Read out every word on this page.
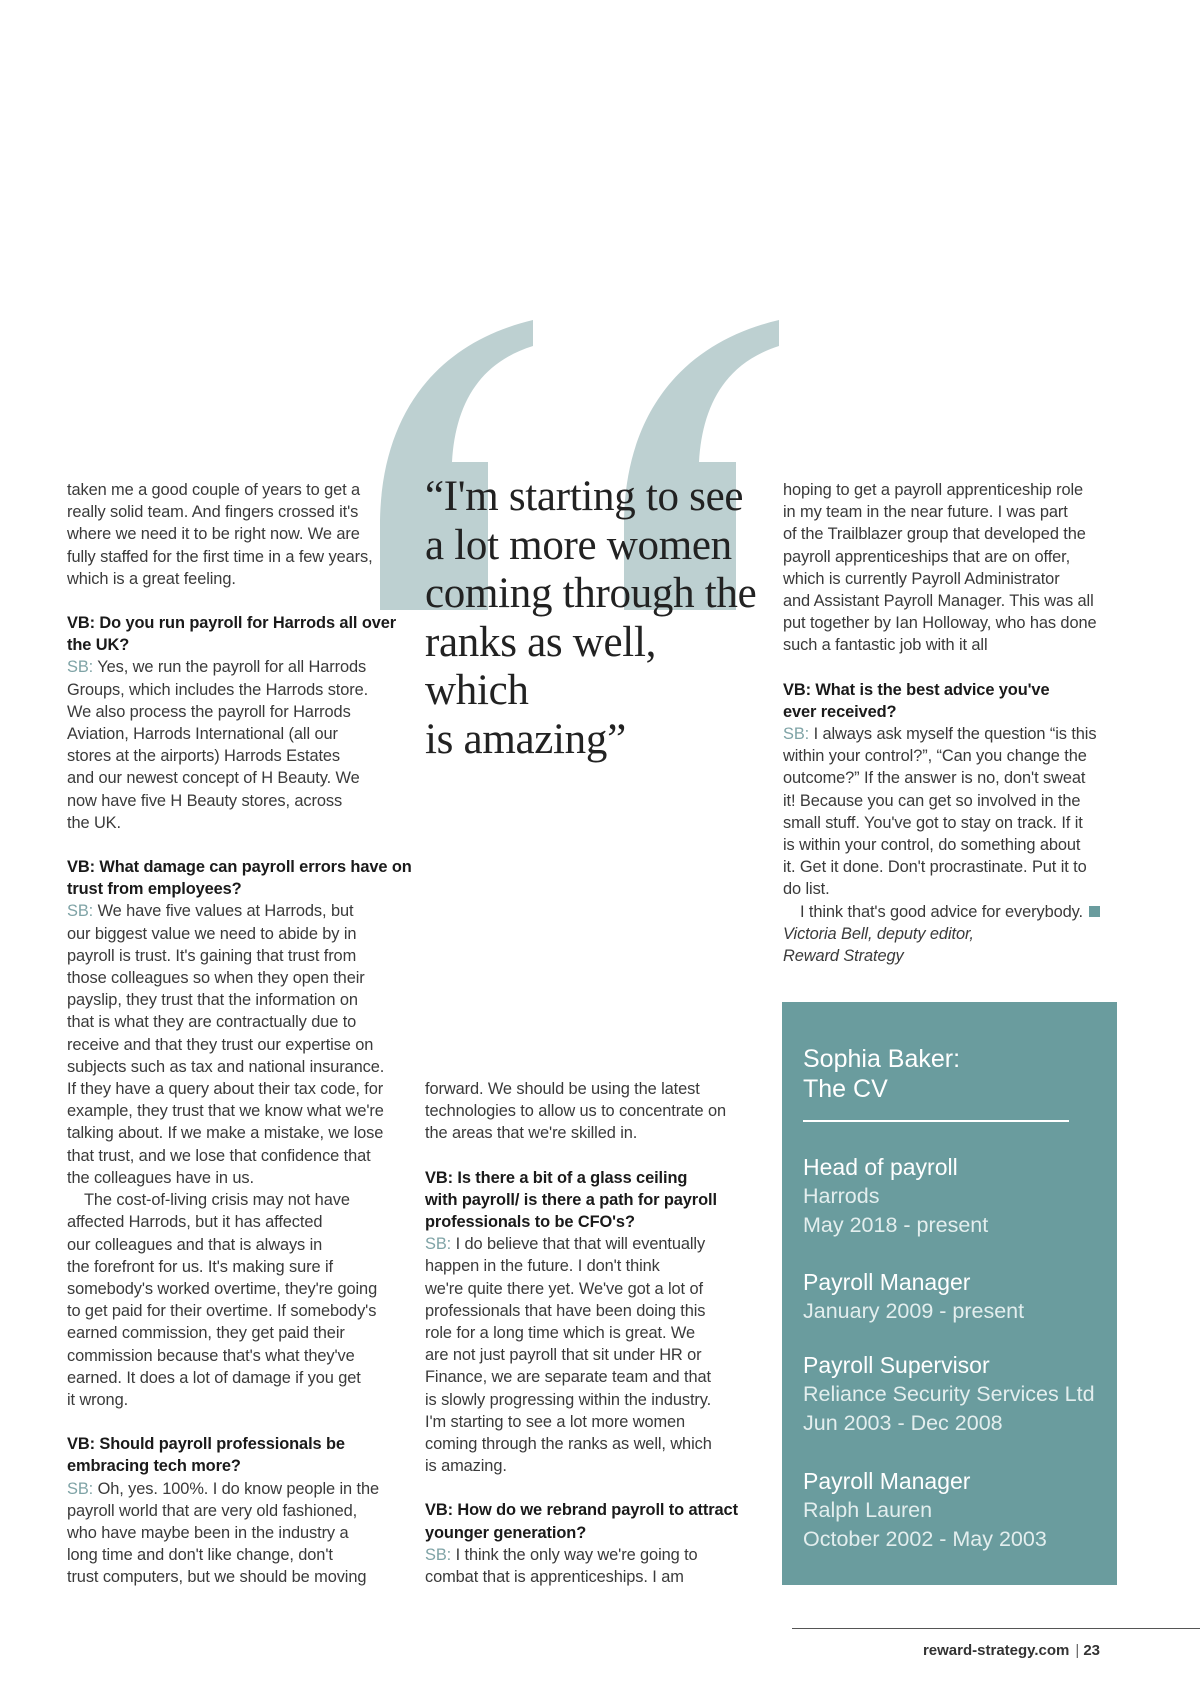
taken me a good couple of years to get a

really solid team. And fingers crossed it's

where we need it to be right now. We are

fully staffed for the first time in a few years,

which is a great feeling.

VB: Do you run payroll for Harrods all over

the UK?

SB: Yes, we run the payroll for all Harrods

Groups, which includes the Harrods store.

We also process the payroll for Harrods

Aviation, Harrods International (all our

stores at the airports) Harrods Estates

and our newest concept of H Beauty. We

now have five H Beauty stores, across

the UK.

VB: What damage can payroll errors have on

trust from employees?

SB: We have five values at Harrods, but

our biggest value we need to abide by in

payroll is trust. It's gaining that trust from

those colleagues so when they open their

payslip, they trust that the information on

that is what they are contractually due to

receive and that they trust our expertise on

subjects such as tax and national insurance.

If they have a query about their tax code, for

example, they trust that we know what we're

talking about. If we make a mistake, we lose

that trust, and we lose that confidence that

the colleagues have in us.

The cost-of-living crisis may not have

affected Harrods, but it has affected

our colleagues and that is always in

the forefront for us. It's making sure if

somebody's worked overtime, they're going

to get paid for their overtime. If somebody's

earned commission, they get paid their

commission because that's what they've

earned. It does a lot of damage if you get

it wrong.

VB: Should payroll professionals be

embracing tech more?

SB: Oh, yes. 100%. I do know people in the

payroll world that are very old fashioned,

who have maybe been in the industry a

long time and don't like change, don't

trust computers, but we should be moving

“I'm starting to see
a lot more women
coming through the
ranks as well, which
is amazing”

forward. We should be using the latest

technologies to allow us to concentrate on

the areas that we're skilled in.

VB: Is there a bit of a glass ceiling

with payroll/ is there a path for payroll

professionals to be CFO's?

SB: I do believe that that will eventually

happen in the future. I don't think

we're quite there yet. We've got a lot of

professionals that have been doing this

role for a long time which is great. We

are not just payroll that sit under HR or

Finance, we are separate team and that

is slowly progressing within the industry.

I'm starting to see a lot more women

coming through the ranks as well, which

is amazing.

VB: How do we rebrand payroll to attract

younger generation?

SB: I think the only way we're going to

combat that is apprenticeships. I am

hoping to get a payroll apprenticeship role

in my team in the near future. I was part

of the Trailblazer group that developed the

payroll apprenticeships that are on offer,

which is currently Payroll Administrator

and Assistant Payroll Manager. This was all

put together by Ian Holloway, who has done

such a fantastic job with it all

VB: What is the best advice you've

ever received?

SB: I always ask myself the question “is this

within your control?”, “Can you change the

outcome?” If the answer is no, don't sweat

it! Because you can get so involved in the

small stuff. You've got to stay on track. If it

is within your control, do something about

it. Get it done. Don't procrastinate. Put it to

do list.

I think that's good advice for everybody.

Victoria Bell, deputy editor,

Reward Strategy

Sophia Baker:
The CV
Head of payroll
Harrods
May 2018 - present
Payroll Manager
January 2009 - present
Payroll Supervisor
Reliance Security Services Ltd
Jun 2003 - Dec 2008
Payroll Manager
Ralph Lauren
October 2002 - May 2003
reward-strategy.com | 23
